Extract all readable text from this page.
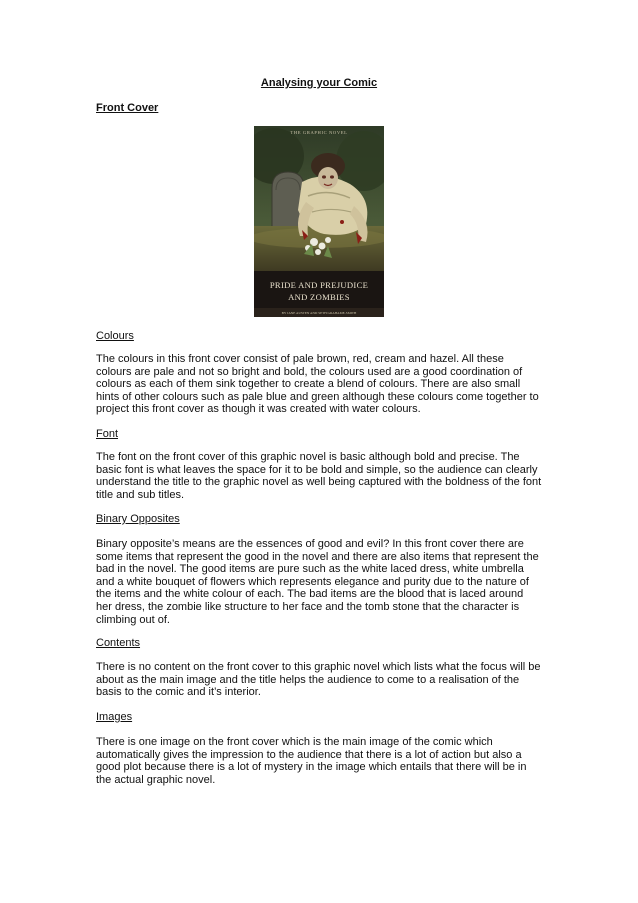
Analysing your Comic
Front Cover
THE GRAPHIC NOVEL
PRIDE AND PREJUDICE
AND ZOMBIES
BY JANE AUSTEN AND SETH GRAHAME-SMITH
Colours

The colours in this front cover consist of pale brown, red, cream and hazel. All these colours are pale and not so bright and bold, the colours used are a good coordination of colours as each of them sink together to create a blend of colours. There are also small hints of other colours such as pale blue and green although these colours come together to project this front cover as though it was created with water colours.

Font

The font on the front cover of this graphic novel is basic although bold and precise. The basic font is what leaves the space for it to be bold and simple, so the audience can clearly understand the title to the graphic novel as well being captured with the boldness of the font title and sub titles.

Binary Opposites

Binary opposite’s means are the essences of good and evil? In this front cover there are some items that represent the good in the novel and there are also items that represent the bad in the novel. The good items are pure such as the white laced dress, white umbrella and a white bouquet of flowers which represents elegance and purity due to the nature of the items and the white colour of each. The bad items are the blood that is laced around her dress, the zombie like structure to her face and the tomb stone that the character is climbing out of.

Contents

There is no content on the front cover to this graphic novel which lists what the focus will be about as the main image and the title helps the audience to come to a realisation of the basis to the comic and it’s interior.

Images

There is one image on the front cover which is the main image of the comic which automatically gives the impression to the audience that there is a lot of action but also a good plot because there is a lot of mystery in the image which entails that there will be in the actual graphic novel.
